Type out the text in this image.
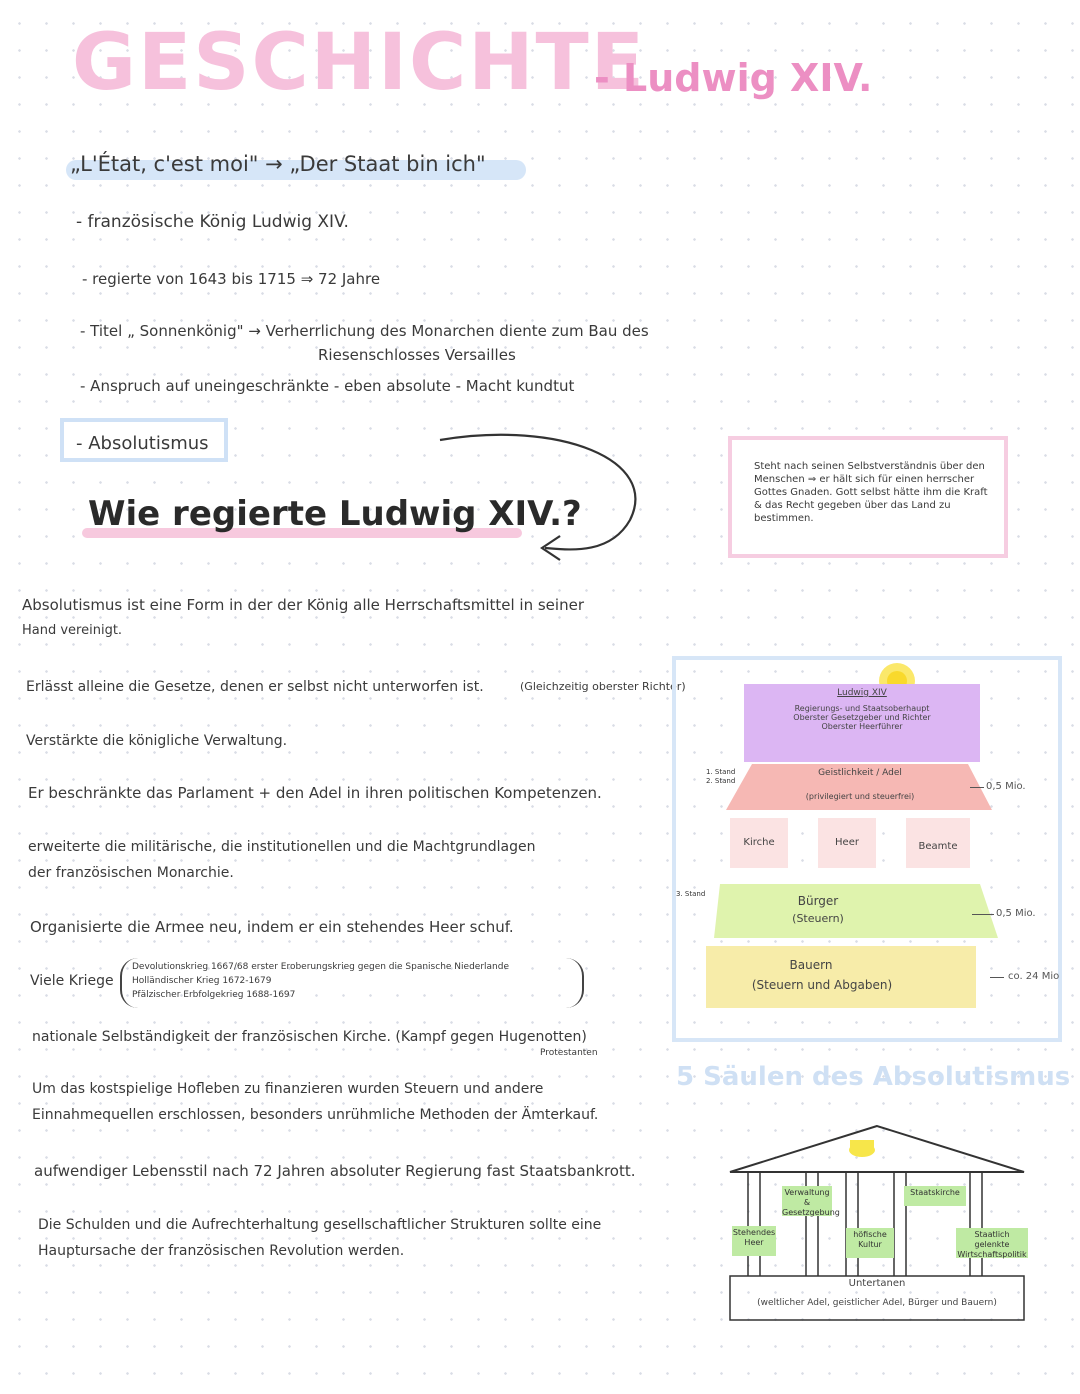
GESCHICHTE
- Ludwig XIV.
„L'État, c'est moi" → „Der Staat bin ich"
- französische König Ludwig XIV.
- regierte von 1643 bis 1715 ⇒ 72 Jahre
- Titel „ Sonnenkönig" → Verherrlichung des Monarchen diente zum Bau des
Riesenschlosses Versailles
- Anspruch auf uneingeschränkte - eben absolute - Macht kundtut
- Absolutismus
Wie regierte Ludwig XIV.?
Steht nach seinen Selbstverständnis über den Menschen ⇒ er hält sich für einen herrscher Gottes Gnaden. Gott selbst hätte ihm die Kraft & das Recht gegeben über das Land zu bestimmen.
Absolutismus ist eine Form in der der König alle Herrschaftsmittel in seiner
Hand vereinigt.
Erlässt alleine die Gesetze, denen er selbst nicht unterworfen ist.	(Gleichzeitig oberster Richter)
Verstärkte die königliche Verwaltung.
Er beschränkte das Parlament + den Adel in ihren politischen Kompetenzen.
erweiterte die militärische, die institutionellen und die Machtgrundlagen
der französischen Monarchie.
Organisierte die Armee neu, indem er ein stehendes Heer schuf.
Viele Kriege
Devolutionskrieg 1667/68 erster Eroberungskrieg gegen die Spanische Niederlande
Holländischer Krieg 1672-1679
Pfälzischer Erbfolgekrieg 1688-1697
nationale Selbständigkeit der französischen Kirche. (Kampf gegen Hugenotten)
Protestanten
Um das kostspielige Hofleben zu finanzieren wurden Steuern und andere
Einnahmequellen erschlossen, besonders unrühmliche Methoden der Ämterkauf.
aufwendiger Lebensstil nach 72 Jahren absoluter Regierung fast Staatsbankrott.
Die Schulden und die Aufrechterhaltung gesellschaftlicher Strukturen sollte eine
Hauptursache der französischen Revolution werden.
Ludwig XIV
Regierungs- und Staatsoberhaupt
Oberster Gesetzgeber und Richter
Oberster Heerführer
1. Stand 2. Stand
Geistlichkeit / Adel
(privilegiert und steuerfrei)
0,5 Mio.
Kirche	Heer	Beamte
3. Stand	Bürger
(Steuern)	0,5 Mio.
Bauern
(Steuern und Abgaben)
co. 24 Mio
5 Säulen des Absolutismus
Stehendes Heer
Verwaltung & Gesetzgebung
höfische Kultur
Staatskirche
Staatlich gelenkte Wirtschaftspolitik
Untertanen
(weltlicher Adel, geistlicher Adel, Bürger und Bauern)
